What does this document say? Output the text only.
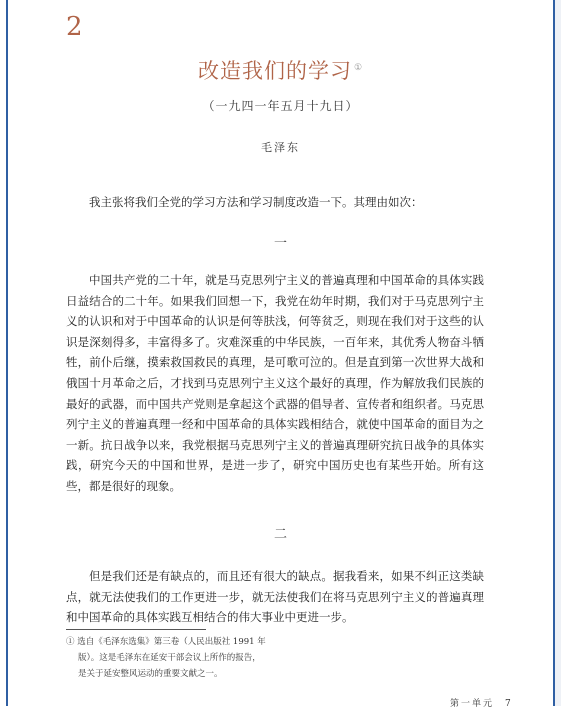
2
改造我们的学习 ①
（一九四一年五月十九日）
毛泽东
我主张将我们全党的学习方法和学习制度改造一下。其理由如次：
一
中国共产党的二十年，就是马克思列宁主义的普遍真理和中国革命的具体实践日益结合的二十年。如果我们回想一下，我党在幼年时期，我们对于马克思列宁主义的认识和对于中国革命的认识是何等肤浅，何等贫乏，则现在我们对于这些的认识是深刻得多，丰富得多了。灾难深重的中华民族，一百年来，其优秀人物奋斗牺牲，前仆后继，摸索救国救民的真理，是可歌可泣的。但是直到第一次世界大战和俄国十月革命之后，才找到马克思列宁主义这个最好的真理，作为解放我们民族的最好的武器，而中国共产党则是拿起这个武器的倡导者、宣传者和组织者。马克思列宁主义的普遍真理一经和中国革命的具体实践相结合，就使中国革命的面目为之一新。抗日战争以来，我党根据马克思列宁主义的普遍真理研究抗日战争的具体实践，研究今天的中国和世界，是进一步了，研究中国历史也有某些开始。所有这些，都是很好的现象。
二
但是我们还是有缺点的，而且还有很大的缺点。据我看来，如果不纠正这类缺点，就无法使我们的工作更进一步，就无法使我们在将马克思列宁主义的普遍真理和中国革命的具体实践互相结合的伟大事业中更进一步。
① 选自《毛泽东选集》第三卷（人民出版社 1991 年
版）。这是毛泽东在延安干部会议上所作的报告，
是关于延安整风运动的重要文献之一。
第一单元　7
